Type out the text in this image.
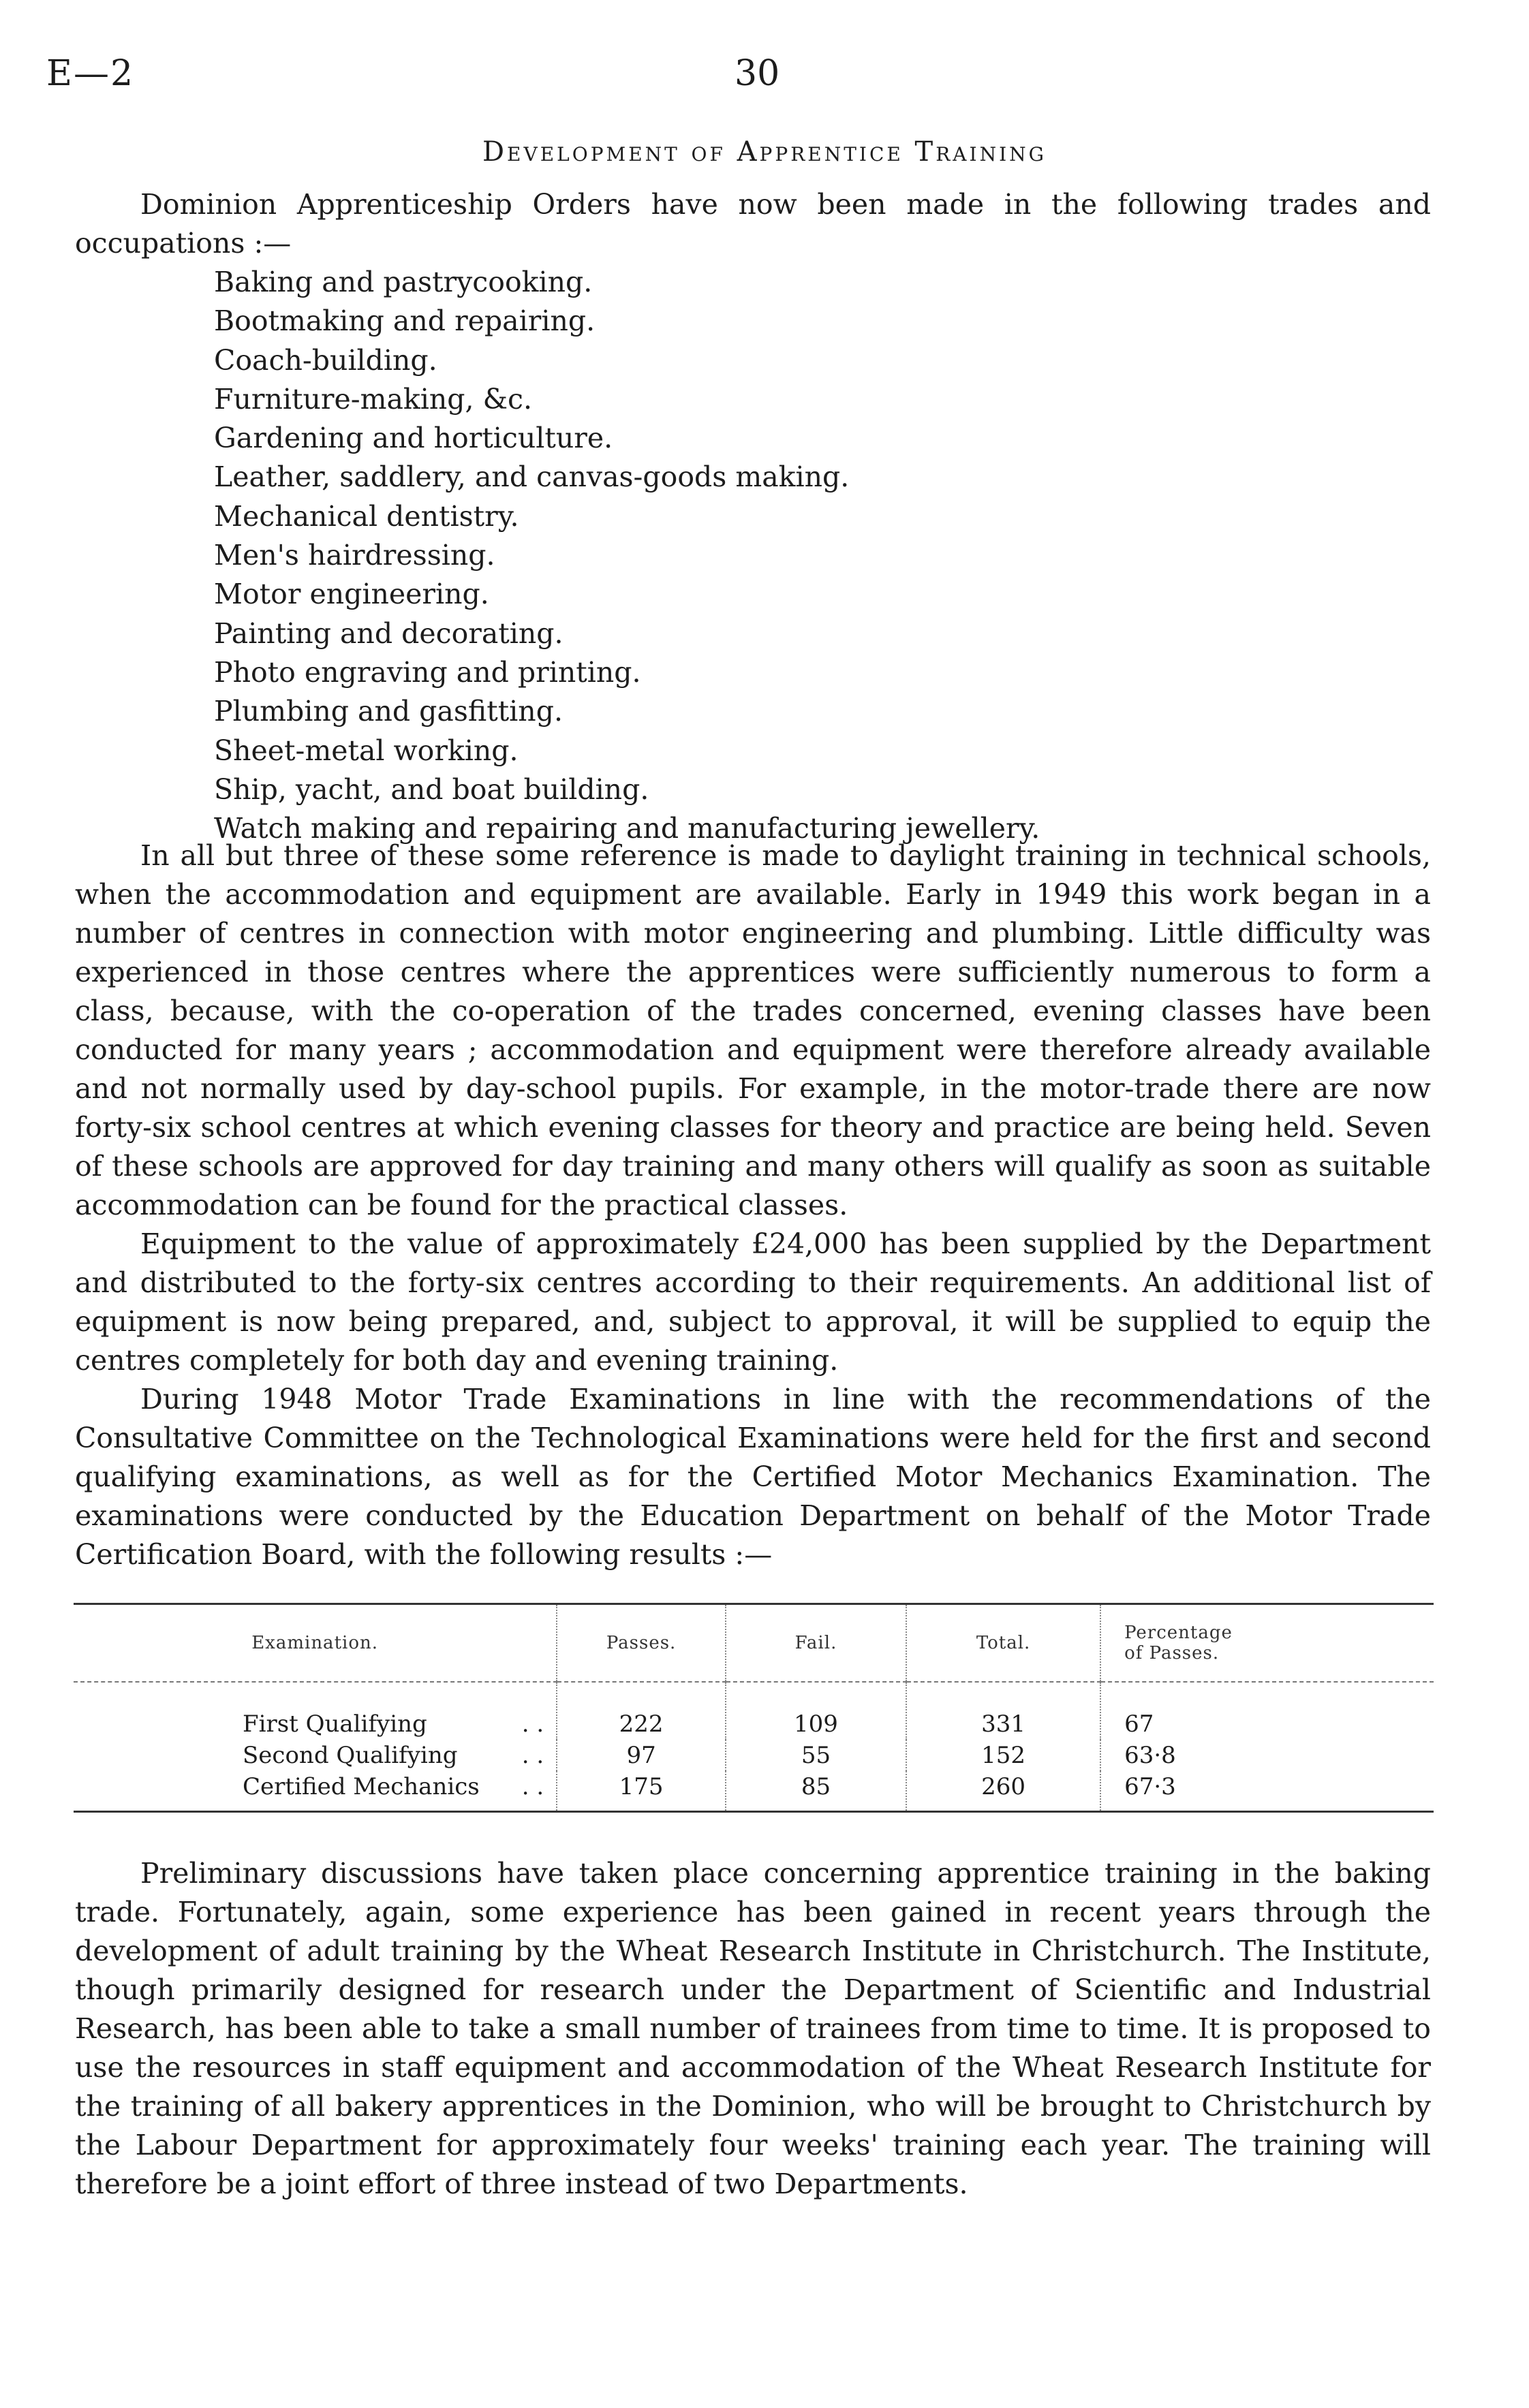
E—2	30
Development of Apprentice Training

Dominion Apprenticeship Orders have now been made in the following trades and occupations :—

Baking and pastrycooking.
Bootmaking and repairing.
Coach-building.
Furniture-making, &c.
Gardening and horticulture.
Leather, saddlery, and canvas-goods making.
Mechanical dentistry.
Men's hairdressing.
Motor engineering.
Painting and decorating.
Photo engraving and printing.
Plumbing and gasfitting.
Sheet-metal working.
Ship, yacht, and boat building.
Watch making and repairing and manufacturing jewellery.

In all but three of these some reference is made to daylight training in technical schools, when the accommodation and equipment are available. Early in 1949 this work began in a number of centres in connection with motor engineering and plumbing. Little difficulty was experienced in those centres where the apprentices were sufficiently numerous to form a class, because, with the co-operation of the trades concerned, evening classes have been conducted for many years ; accommodation and equipment were therefore already available and not normally used by day-school pupils. For example, in the motor-trade there are now forty-six school centres at which evening classes for theory and practice are being held. Seven of these schools are approved for day training and many others will qualify as soon as suitable accommodation can be found for the practical classes.

Equipment to the value of approximately £24,000 has been supplied by the Department and distributed to the forty-six centres according to their requirements. An additional list of equipment is now being prepared, and, subject to approval, it will be supplied to equip the centres completely for both day and evening training.

During 1948 Motor Trade Examinations in line with the recommendations of the Consultative Committee on the Technological Examinations were held for the first and second qualifying examinations, as well as for the Certified Motor Mechanics Examination. The examinations were conducted by the Education Department on behalf of the Motor Trade Certification Board, with the following results :—

Examination.	Passes.	Fail.	Total.	Percentage
of Passes.
First Qualifying . .	222	109	331	67
Second Qualifying . .	97	55	152	63·8
Certified Mechanics . .	175	85	260	67·3

Preliminary discussions have taken place concerning apprentice training in the baking trade. Fortunately, again, some experience has been gained in recent years through the development of adult training by the Wheat Research Institute in Christchurch. The Institute, though primarily designed for research under the Department of Scientific and Industrial Research, has been able to take a small number of trainees from time to time. It is proposed to use the resources in staff equipment and accommodation of the Wheat Research Institute for the training of all bakery apprentices in the Dominion, who will be brought to Christchurch by the Labour Department for approximately four weeks' training each year. The training will therefore be a joint effort of three instead of two Departments.
